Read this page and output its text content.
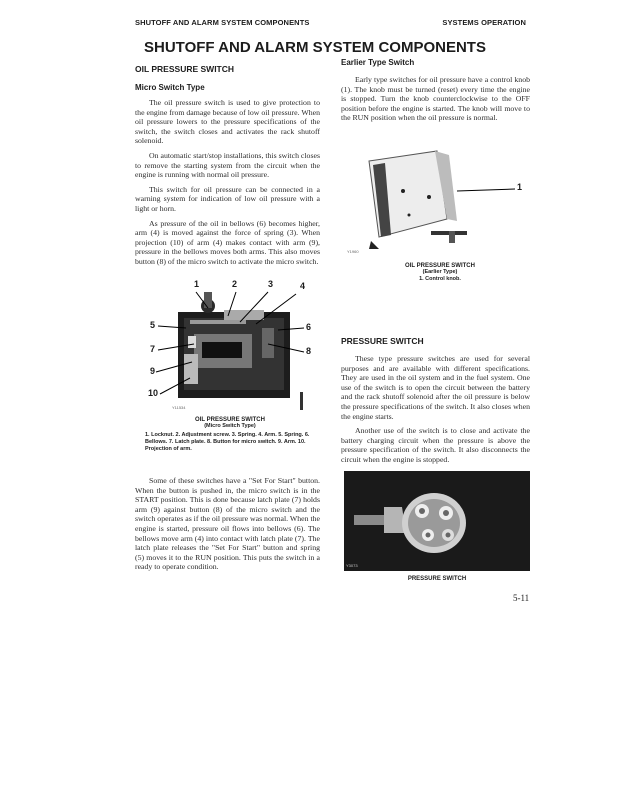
SHUTOFF AND ALARM SYSTEM COMPONENTS	SYSTEMS OPERATION
SHUTOFF AND ALARM SYSTEM COMPONENTS
OIL PRESSURE SWITCH
Micro Switch Type

The oil pressure switch is used to give protection to the engine from damage because of low oil pressure. When oil pressure lowers to the pressure specifications of the switch, the switch closes and activates the rack shutoff solenoid.

On automatic start/stop installations, this switch closes to remove the starting system from the circuit when the engine is running with normal oil pressure.

This switch for oil pressure can be connected in a warning system for indication of low oil pressure with a light or horn.

As pressure of the oil in bellows (6) becomes higher, arm (4) is moved against the force of spring (3). When projection (10) of arm (4) makes contact with arm (9), pressure in the bellows moves both arms. This also moves button (8) of the micro switch to activate the micro switch.

1	2	3	4
5	6
7	8
9
10
Y11534
OIL PRESSURE SWITCH
(Micro Switch Type)
1. Locknut. 2. Adjustment screw. 3. Spring. 4. Arm. 5. Spring. 6. Bellows. 7. Latch plate. 8. Button for micro switch. 9. Arm. 10. Projection of arm.

Some of these switches have a "Set For Start" button. When the button is pushed in, the micro switch is in the START position. This is done because latch plate (7) holds arm (9) against button (8) of the micro switch and the switch operates as if the oil pressure was normal. When the engine is started, pressure oil flows into bellows (6). The bellows move arm (4) into contact with latch plate (7). The latch plate releases the "Set For Start" button and spring (5) moves it to the RUN position. This puts the switch in a ready to operate condition.

Earlier Type Switch

Early type switches for oil pressure have a control knob (1). The knob must be turned (reset) every time the engine is stopped. Turn the knob counterclockwise to the OFF position before the engine is started. The knob will move to the RUN position when the oil pressure is normal.

1
Y1960
OIL PRESSURE SWITCH
(Earlier Type)
1. Control knob.
PRESSURE SWITCH

These type pressure switches are used for several purposes and are available with different specifications. They are used in the oil system and in the fuel system. One use of the switch is to open the circuit between the battery and the rack shutoff solenoid after the oil pressure is below the pressure specifications of the switch. It also closes when the engine starts.

Another use of the switch is to close and activate the battery charging circuit when the pressure is above the pressure specification of the switch. It also disconnects the circuit when the engine is stopped.

Y3073
PRESSURE SWITCH
5-11
